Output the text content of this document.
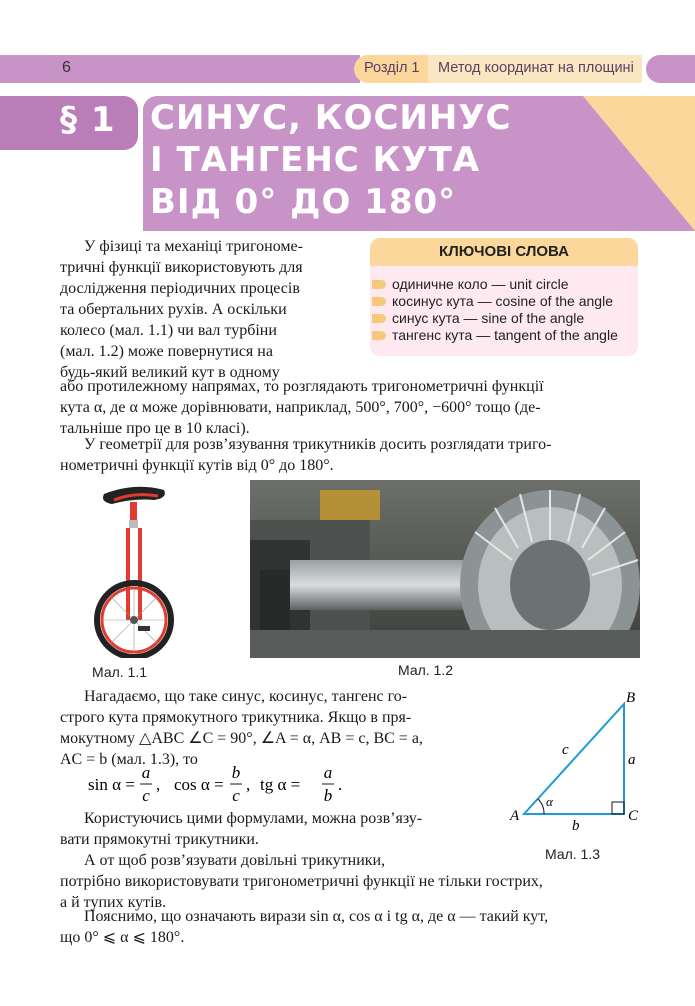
6	Розділ 1 Метод координат на площині
§ 1 СИНУС, КОСИНУС
І ТАНГЕНС КУТА
ВІД 0° ДО 180°
У фізиці та механіці тригономе-
тричні функції використовують для
дослідження періодичних процесів
та обертальних рухів. А оскільки
колесо (мал. 1.1) чи вал турбіни
(мал. 1.2) може повернутися на
будь-який великий кут в одному
або протилежному напрямах, то розглядають тригонометричні функції
кута α, де α може дорівнювати, наприклад, 500°, 700°, −600° тощо (де-
тальніше про це в 10 класі).
КЛЮЧОВІ СЛОВА
одиничне коло — unit circle
косинус кута — cosine of the angle
синус кута — sine of the angle
тангенс кута — tangent of the angle
У геометрії для розв’язування трикутників досить розглядати триго-
нометричні функції кутів від 0° до 180°.
Мал. 1.1	Мал. 1.2
Нагадаємо, що таке синус, косинус, тангенс го-
строго кута прямокутного трикутника. Якщо в пря-
мокутному △ABC ∠C = 90°, ∠A = α, AB = c, BC = a,
AC = b (мал. 1.3), то
sin α =
a
c
, cos α =
b
c
, tg α =
a
b
.
A
B
C
a
b
c
α
Мал. 1.3
Користуючись цими формулами, можна розв’язу-
вати прямокутні трикутники.
А от щоб розв’язувати довільні трикутники,
потрібно використовувати тригонометричні функції не тільки гострих,
а й тупих кутів.
Пояснимо, що означають вирази sin α, cos α і tg α, де α — такий кут,
що 0° ⩽ α ⩽ 180°.
